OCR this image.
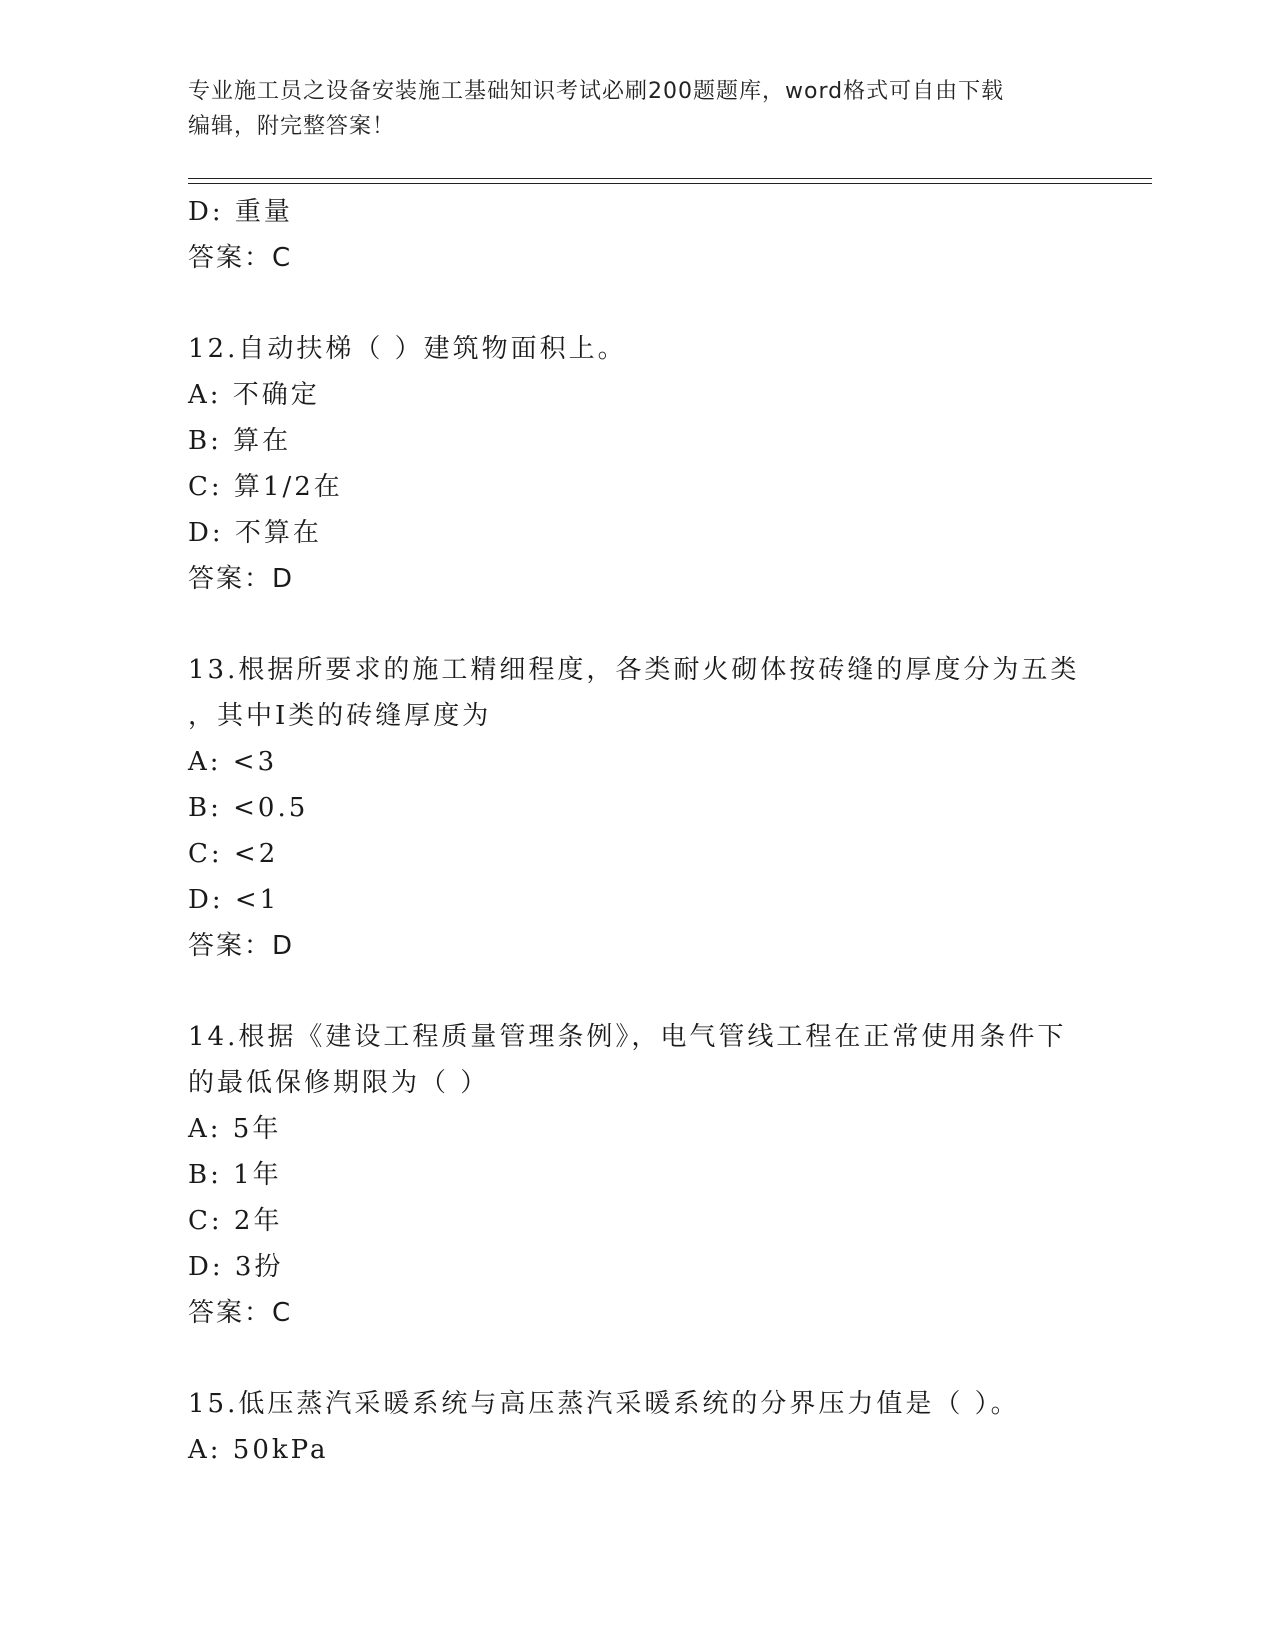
专业施工员之设备安装施工基础知识考试必刷200题题库，word格式可自由下载
编辑，附完整答案！
D: 重量
答案：C
12.自动扶梯（ ）建筑物面积上。
A: 不确定
B: 算在
C: 算1/2在
D: 不算在
答案：D
13.根据所要求的施工精细程度，各类耐火砌体按砖缝的厚度分为五类
，其中I类的砖缝厚度为
A: <3
B: <0.5
C: <2
D: <1
答案：D
14.根据《建设工程质量管理条例》，电气管线工程在正常使用条件下
的最低保修期限为（ ）
A: 5年
B: 1年
C: 2年
D: 3扮
答案：C
15.低压蒸汽采暖系统与高压蒸汽采暖系统的分界压力值是（ ）。
A: 50kPa
